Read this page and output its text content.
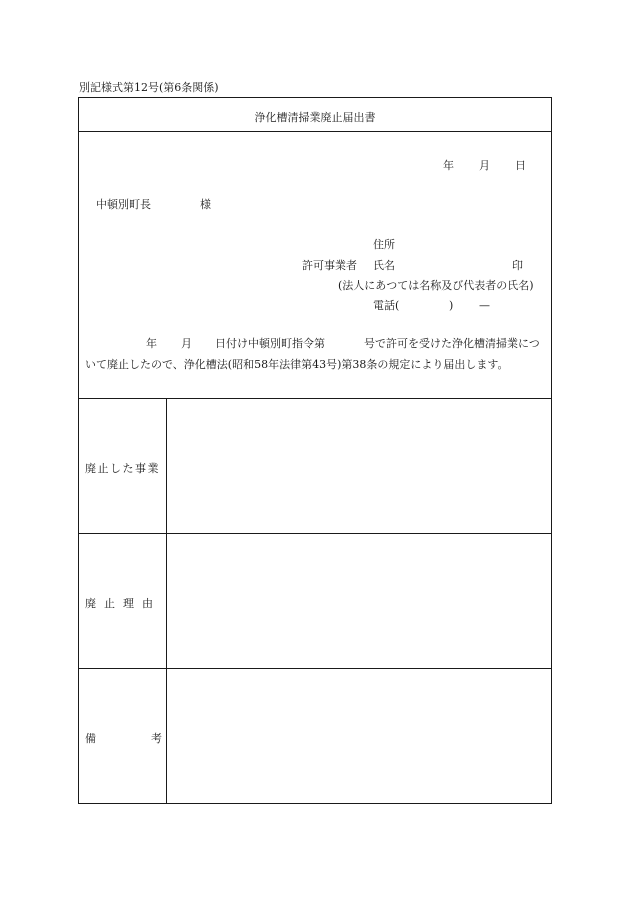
別記様式第12号(第6条関係)
浄化槽清掃業廃止届出書
年 月 日
中頓別町長	様
住所
許可事業者 氏名	印
(法人にあつては名称及び代表者の氏名)
電話(	) —
年 月 日付け中頓別町指令第	号で許可を受けた浄化槽清掃業につ
いて廃止したので、浄化槽法(昭和58年法律第43号)第38条の規定により届出します。
廃止した事業
廃 止 理 由
備	考
